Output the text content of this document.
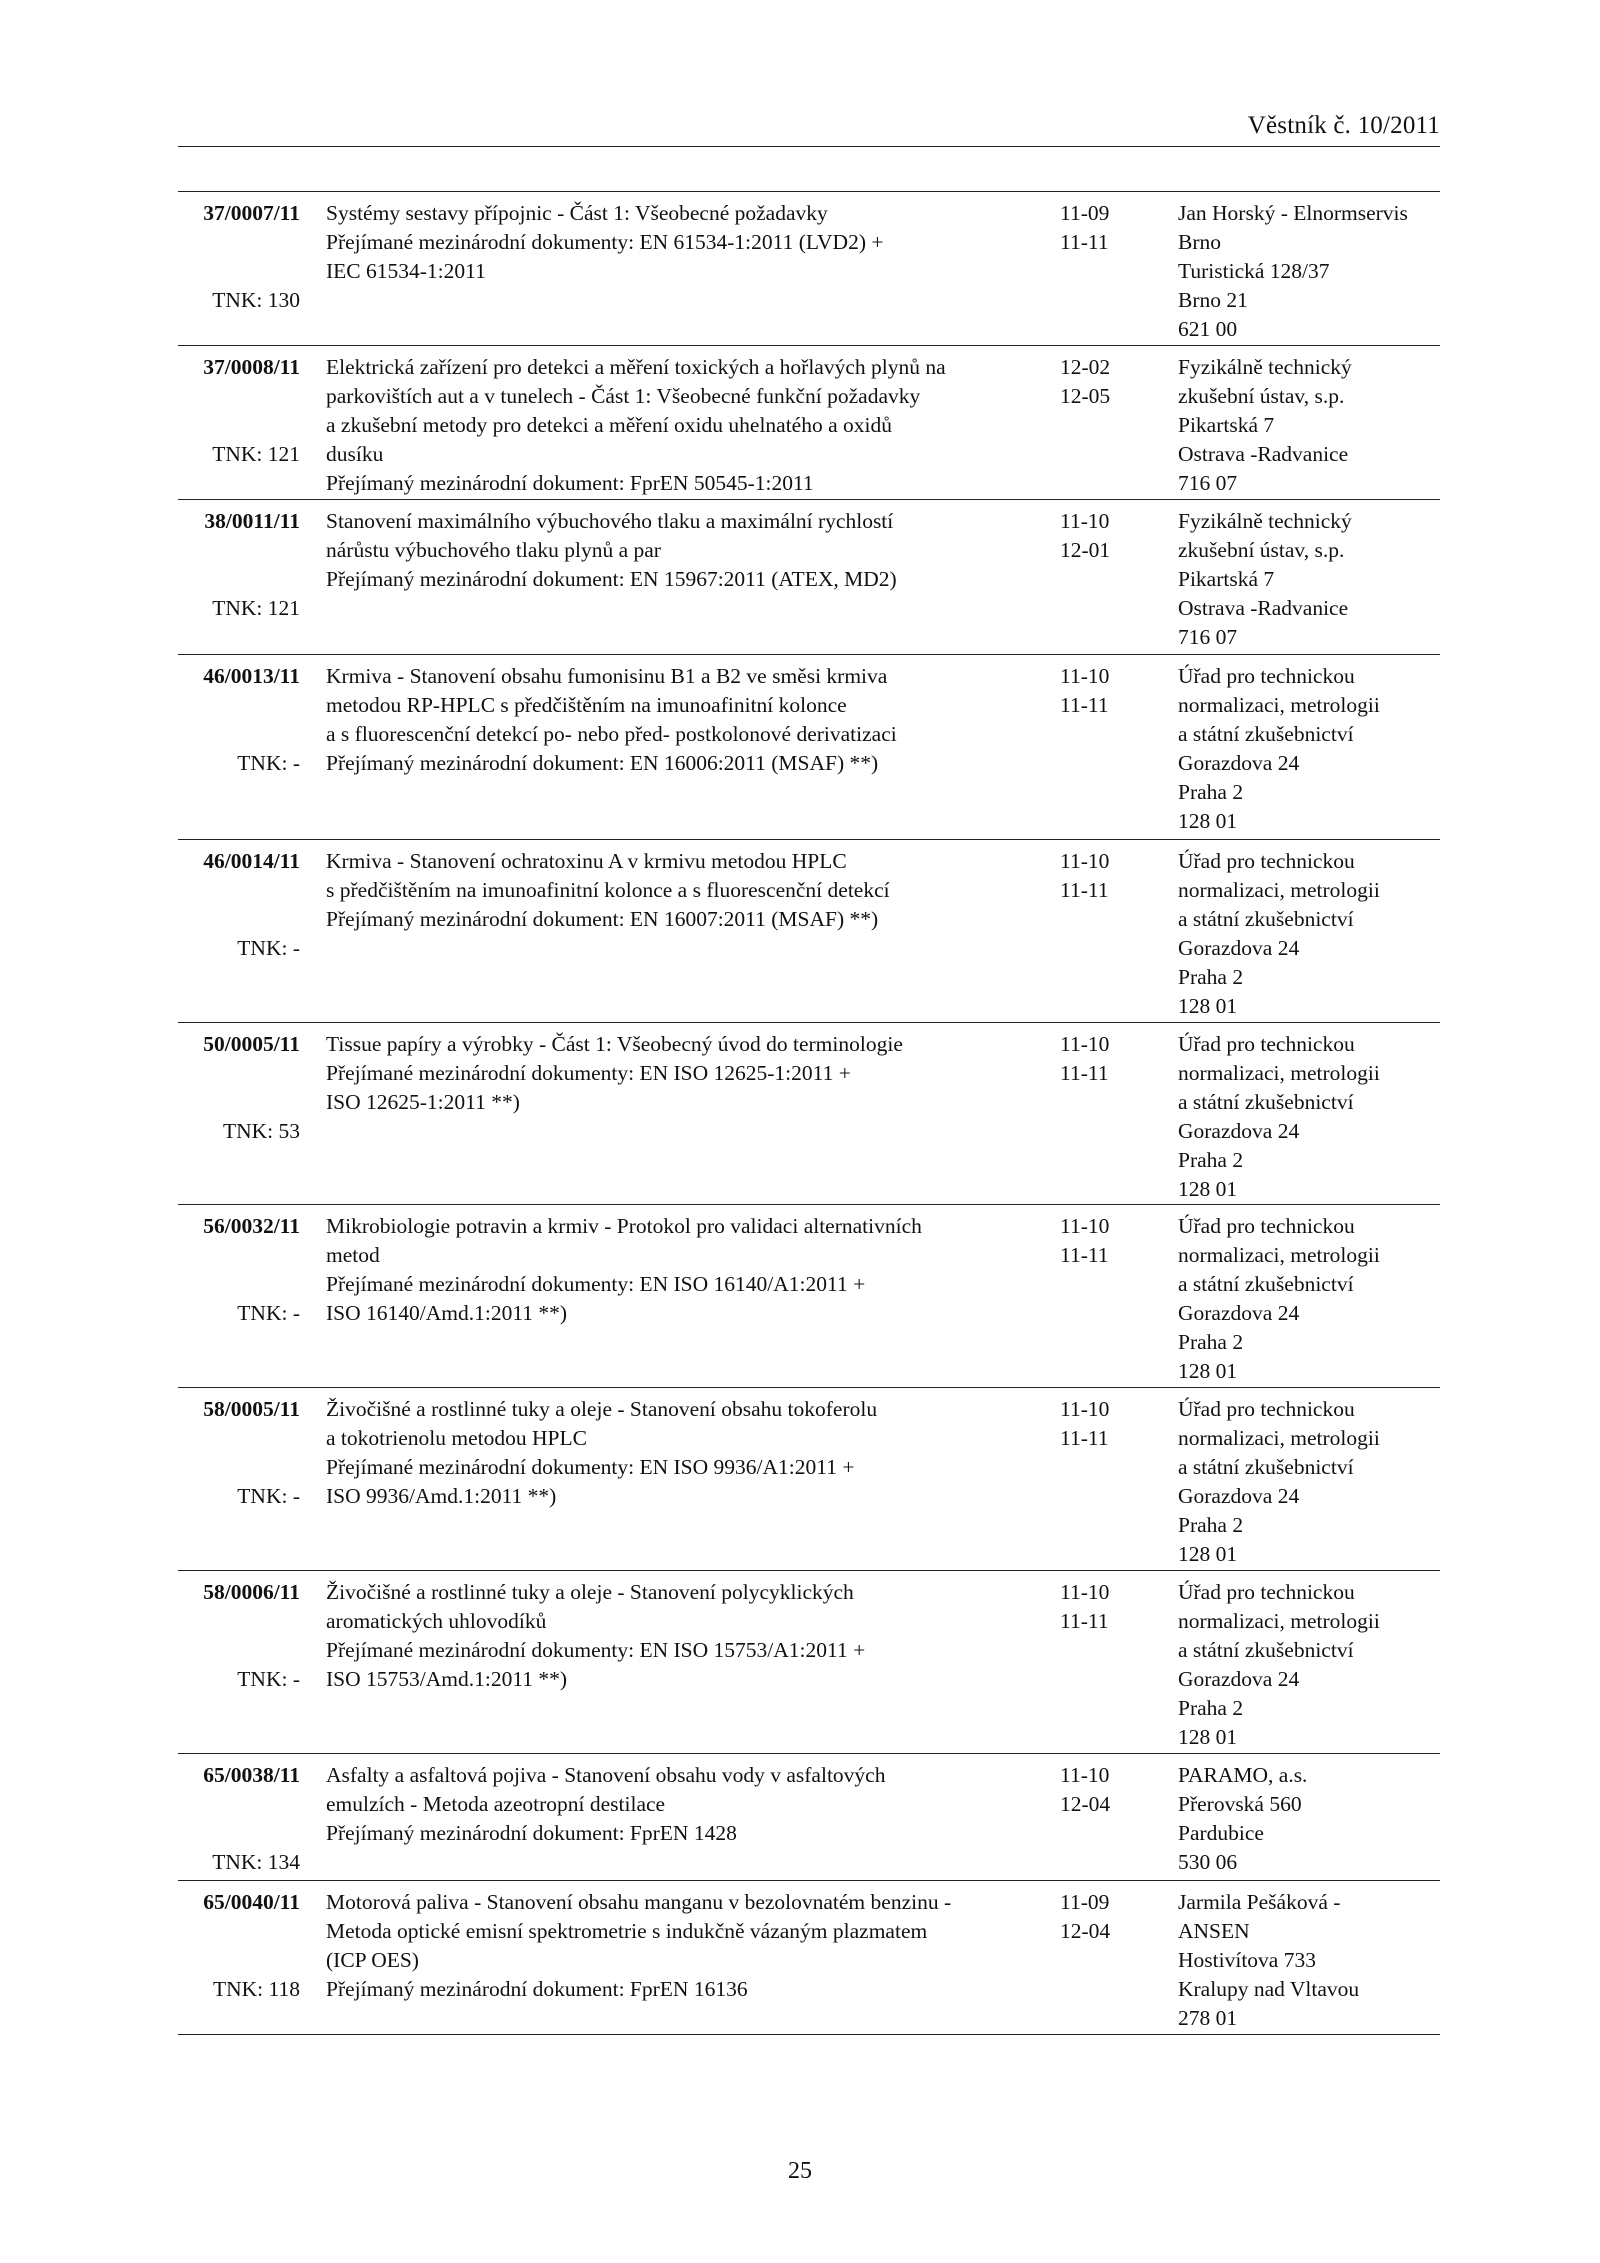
Věstník č. 10/2011
37/0007/11
TNK: 130
Systémy sestavy přípojnic - Část 1: Všeobecné požadavky
Přejímané mezinárodní dokumenty: EN 61534-1:2011 (LVD2) +
IEC 61534-1:2011
11-09
11-11
Jan Horský - Elnormservis
Brno
Turistická 128/37
Brno 21
621 00
37/0008/11
TNK: 121
Elektrická zařízení pro detekci a měření toxických a hořlavých plynů na
parkovištích aut a v tunelech - Část 1: Všeobecné funkční požadavky
a zkušební metody pro detekci a měření oxidu uhelnatého a oxidů
dusíku
Přejímaný mezinárodní dokument: FprEN 50545-1:2011
12-02
12-05
Fyzikálně technický
zkušební ústav, s.p.
Pikartská 7
Ostrava -Radvanice
716 07
38/0011/11
TNK: 121
Stanovení maximálního výbuchového tlaku a maximální rychlostí
nárůstu výbuchového tlaku plynů a par
Přejímaný mezinárodní dokument: EN 15967:2011 (ATEX, MD2)
11-10
12-01
Fyzikálně technický
zkušební ústav, s.p.
Pikartská 7
Ostrava -Radvanice
716 07
46/0013/11
TNK: -
Krmiva - Stanovení obsahu fumonisinu B1 a B2 ve směsi krmiva
metodou RP-HPLC s předčištěním na imunoafinitní kolonce
a s fluorescenční detekcí po- nebo před- postkolonové derivatizaci
Přejímaný mezinárodní dokument: EN 16006:2011 (MSAF) **)
11-10
11-11
Úřad pro technickou
normalizaci, metrologii
a státní zkušebnictví
Gorazdova 24
Praha 2
128 01
46/0014/11
TNK: -
Krmiva - Stanovení ochratoxinu A v krmivu metodou HPLC
s předčištěním na imunoafinitní kolonce a s fluorescenční detekcí
Přejímaný mezinárodní dokument: EN 16007:2011 (MSAF) **)
11-10
11-11
Úřad pro technickou
normalizaci, metrologii
a státní zkušebnictví
Gorazdova 24
Praha 2
128 01
50/0005/11
TNK: 53
Tissue papíry a výrobky - Část 1: Všeobecný úvod do terminologie
Přejímané mezinárodní dokumenty: EN ISO 12625-1:2011 +
ISO 12625-1:2011 **)
11-10
11-11
Úřad pro technickou
normalizaci, metrologii
a státní zkušebnictví
Gorazdova 24
Praha 2
128 01
56/0032/11
TNK: -
Mikrobiologie potravin a krmiv - Protokol pro validaci alternativních
metod
Přejímané mezinárodní dokumenty: EN ISO 16140/A1:2011 +
ISO 16140/Amd.1:2011 **)
11-10
11-11
Úřad pro technickou
normalizaci, metrologii
a státní zkušebnictví
Gorazdova 24
Praha 2
128 01
58/0005/11
TNK: -
Živočišné a rostlinné tuky a oleje - Stanovení obsahu tokoferolu
a tokotrienolu metodou HPLC
Přejímané mezinárodní dokumenty: EN ISO 9936/A1:2011 +
ISO 9936/Amd.1:2011 **)
11-10
11-11
Úřad pro technickou
normalizaci, metrologii
a státní zkušebnictví
Gorazdova 24
Praha 2
128 01
58/0006/11
TNK: -
Živočišné a rostlinné tuky a oleje - Stanovení polycyklických
aromatických uhlovodíků
Přejímané mezinárodní dokumenty: EN ISO 15753/A1:2011 +
ISO 15753/Amd.1:2011 **)
11-10
11-11
Úřad pro technickou
normalizaci, metrologii
a státní zkušebnictví
Gorazdova 24
Praha 2
128 01
65/0038/11
TNK: 134
Asfalty a asfaltová pojiva - Stanovení obsahu vody v asfaltových
emulzích - Metoda azeotropní destilace
Přejímaný mezinárodní dokument: FprEN 1428
11-10
12-04
PARAMO, a.s.
Přerovská 560
Pardubice
530 06
65/0040/11
TNK: 118
Motorová paliva - Stanovení obsahu manganu v bezolovnatém benzinu -
Metoda optické emisní spektrometrie s indukčně vázaným plazmatem
(ICP OES)
Přejímaný mezinárodní dokument: FprEN 16136
11-09
12-04
Jarmila Pešáková -
ANSEN
Hostivítova 733
Kralupy nad Vltavou
278 01
25
